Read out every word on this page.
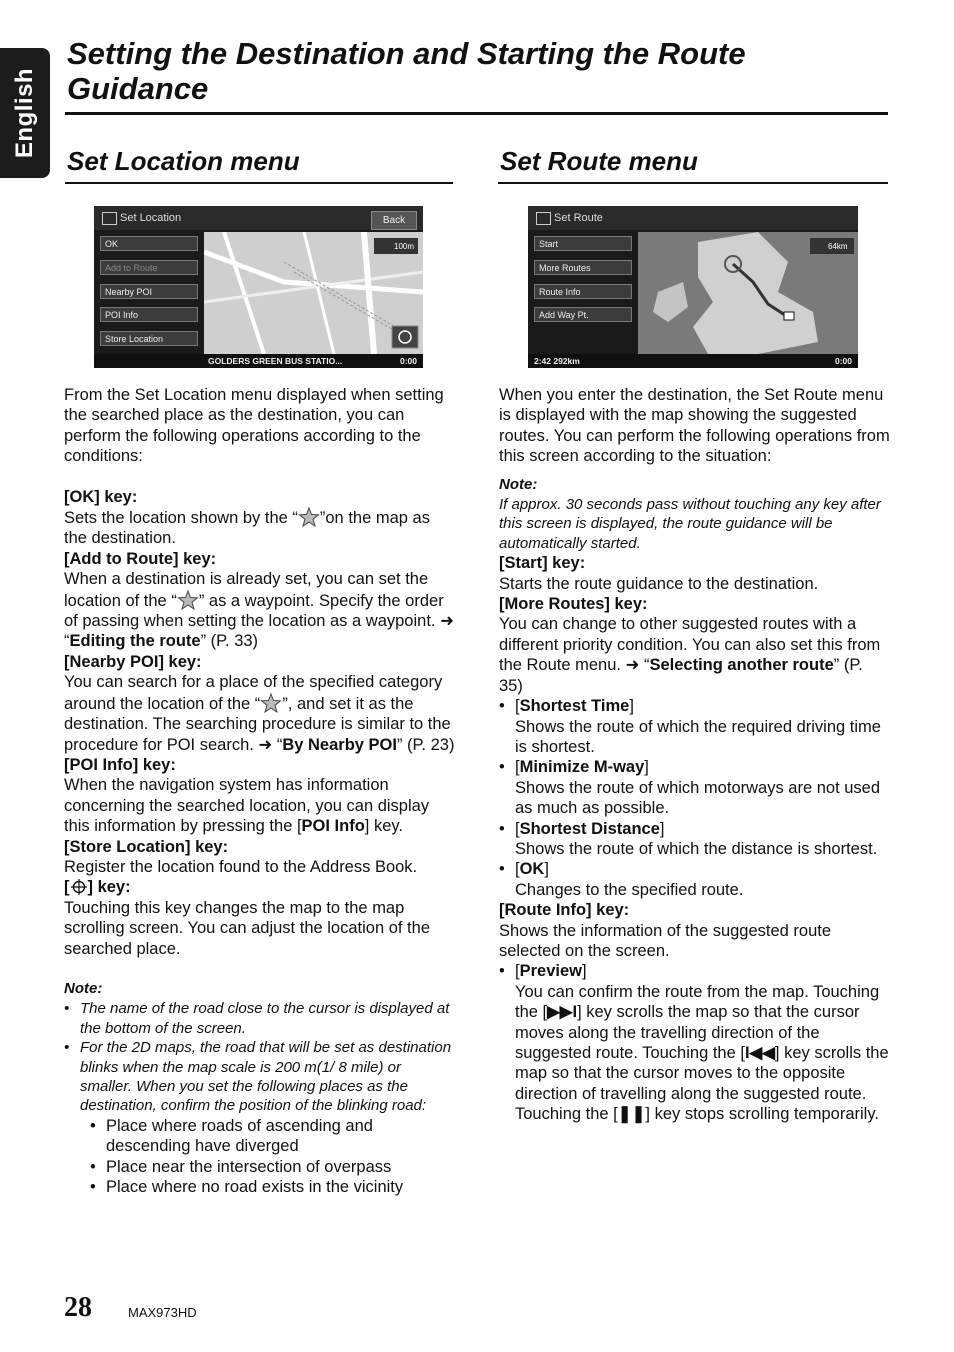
English
Setting the Destination and Starting the Route Guidance
Set Location menu
Set Location	Back
OK
Add to Route
Nearby POI
POI Info
Store Location
100m
GOLDERS GREEN BUS STATIO...	0:00

From the Set Location menu displayed when setting the searched place as the destination, you can perform the following operations according to the conditions:

[OK] key:

Sets the location shown by the “ ”on the map as the destination.

[Add to Route] key:

When a destination is already set, you can set the location of the “ ” as a waypoint. Specify the order of passing when setting the location as a waypoint. ➜ “Editing the route” (P. 33)

[Nearby POI] key:

You can search for a place of the specified category around the location of the “ ”, and set it as the destination. The searching procedure is similar to the procedure for POI search. ➜ “By Nearby POI” (P. 23)

[POI Info] key:

When the navigation system has information concerning the searched location, you can display this information by pressing the [POI Info] key.

[Store Location] key:

Register the location found to the Address Book.

[ ] key:

Touching this key changes the map to the map scrolling screen. You can adjust the location of the searched place.

Note:

• The name of the road close to the cursor is displayed at the bottom of the screen.

• For the 2D maps, the road that will be set as destination blinks when the map scale is 200 m(1/ 8 mile) or smaller. When you set the following places as the destination, confirm the position of the blinking road:

• Place where roads of ascending and descending have diverged

• Place near the intersection of overpass

• Place where no road exists in the vicinity

Set Route menu
Set Route
Start
More Routes
Route Info
Add Way Pt.
64km
2:42 292km	0:00

When you enter the destination, the Set Route menu is displayed with the map showing the suggested routes. You can perform the following operations from this screen according to the situation:

Note:

If approx. 30 seconds pass without touching any key after this screen is displayed, the route guidance will be automatically started.

[Start] key:

Starts the route guidance to the destination.

[More Routes] key:

You can change to other suggested routes with a different priority condition. You can also set this from the Route menu. ➜ “Selecting another route” (P. 35)

• [Shortest Time]
Shows the route of which the required driving time is shortest.

• [Minimize M-way]
Shows the route of which motorways are not used as much as possible.

• [Shortest Distance]
Shows the route of which the distance is shortest.

• [OK]
Changes to the specified route.

[Route Info] key:

Shows the information of the suggested route selected on the screen.

• [Preview]
You can confirm the route from the map. Touching the [▶▶I] key scrolls the map so that the cursor moves along the travelling direction of the suggested route. Touching the [I◀◀] key scrolls the map so that the cursor moves to the opposite direction of travelling along the suggested route. Touching the [❚❚] key stops scrolling temporarily.

28	MAX973HD
